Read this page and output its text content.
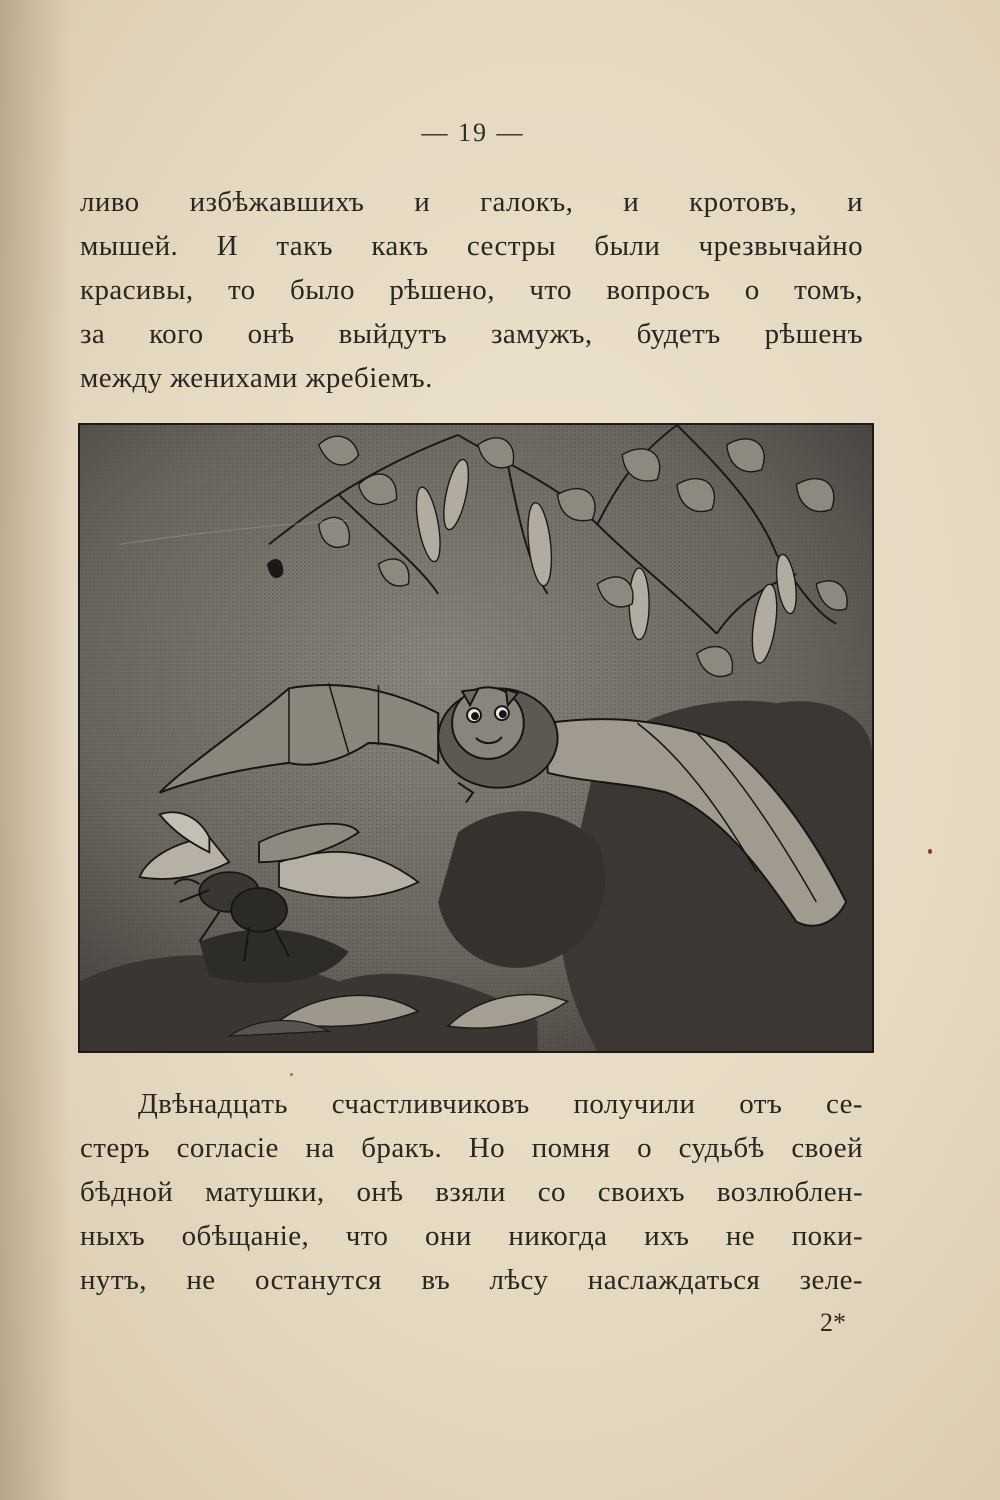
— 19 —
ливо избѣжавшихъ и галокъ, и кротовъ, и
мышей. И такъ какъ сестры были чрезвычайно
красивы, то было рѣшено, что вопросъ о томъ,
за кого онѣ выйдутъ замужъ, будетъ рѣшенъ
между женихами жребіемъ.
Двѣнадцать счастливчиковъ получили отъ се-
стеръ согласіе на бракъ. Но помня о судьбѣ своей
бѣдной матушки, онѣ взяли со своихъ возлюблен-
ныхъ обѣщаніе, что они никогда ихъ не поки-
нутъ, не останутся въ лѣсу наслаждаться зеле-
2*
